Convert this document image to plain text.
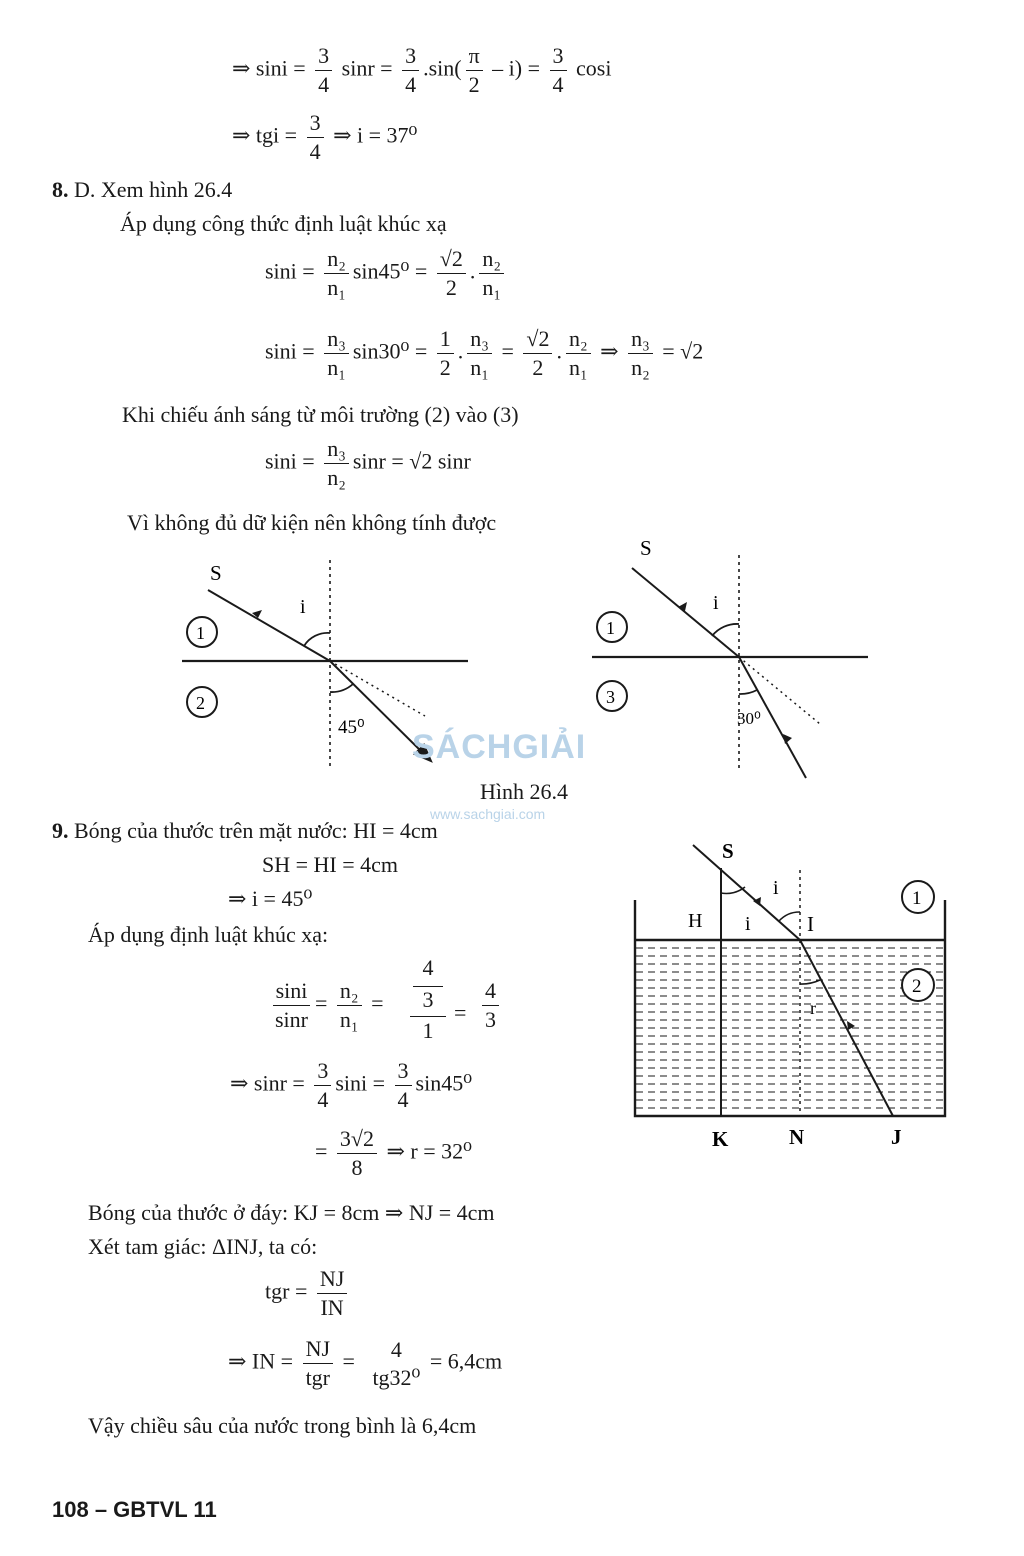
⇒ $\sin i = \frac{3}{4}$ $\sin r = \frac{3}{4} .\sin( \frac{\pi}{2} - i) = \frac{3}{4}$ cosi
⇒ tgi = $\frac{3}{4}$ ⇒ i = 37⁰
8. D. Xem hình 26.4
Áp dụng công thức định luật khúc xạ
$\sin i = \frac{\text{n₂}}{\text{n₁}} \sin 45^0 = \frac{√2}{2}$ . $\frac{\text{n₂}}{\text{n₁}}$
$\sin i = \frac{\text{n₃}}{\text{n₁}} \sin 30^0 = \frac{1}{2}$ . $\frac{\text{n₃}}{\text{n₁}} = \frac{√2}{2}$ . $\frac{\text{n₂}}{\text{n₁}}$ ⇒ $\frac{\text{n₃}}{\text{n₂}} = √2$
Khi chiếu ánh sáng từ môi trường (2) vào (3)
$\sin i = \frac{\text{n₃}}{\text{n₂}}$ sinr = √2 sinr
Vì không đủ dữ kiện nên không tính được
S
i
1
2
45⁰
S
i
1
3
30⁰
SÁCHGIẢI
www.sachgiai.com
Hình 26.4
9. Bóng của thước trên mặt nước: HI = 4cm
SH = HI = 4cm
⇒ i = 45⁰
Áp dụng định luật khúc xạ:
$\frac{\sin i}{\sin r} = \frac{\text{n₂}}{\text{n₁}}$ =
4
3
1
= $\frac{4}{3}$
⇒ $\sin r = \frac{3}{4}$ $\sin i = \frac{3}{4} \sin 45^0$
= $\frac{3√2}{8}$ ⇒ r = 32⁰
Bóng của thước ở đáy: KJ = 8cm ⇒ NJ = 4cm
Xét tam giác: ΔINJ, ta có:
tgr = $\frac{NJ}{IN}$
⇒ IN = $\frac{NJ}{\text{tgr}} = 4$
tg32⁰
= 6,4cm
Vậy chiều sâu của nước trong bình là 6,4cm
S
i
i
H	I
r
K	N	J
1
2
108 – GBTVL 11
